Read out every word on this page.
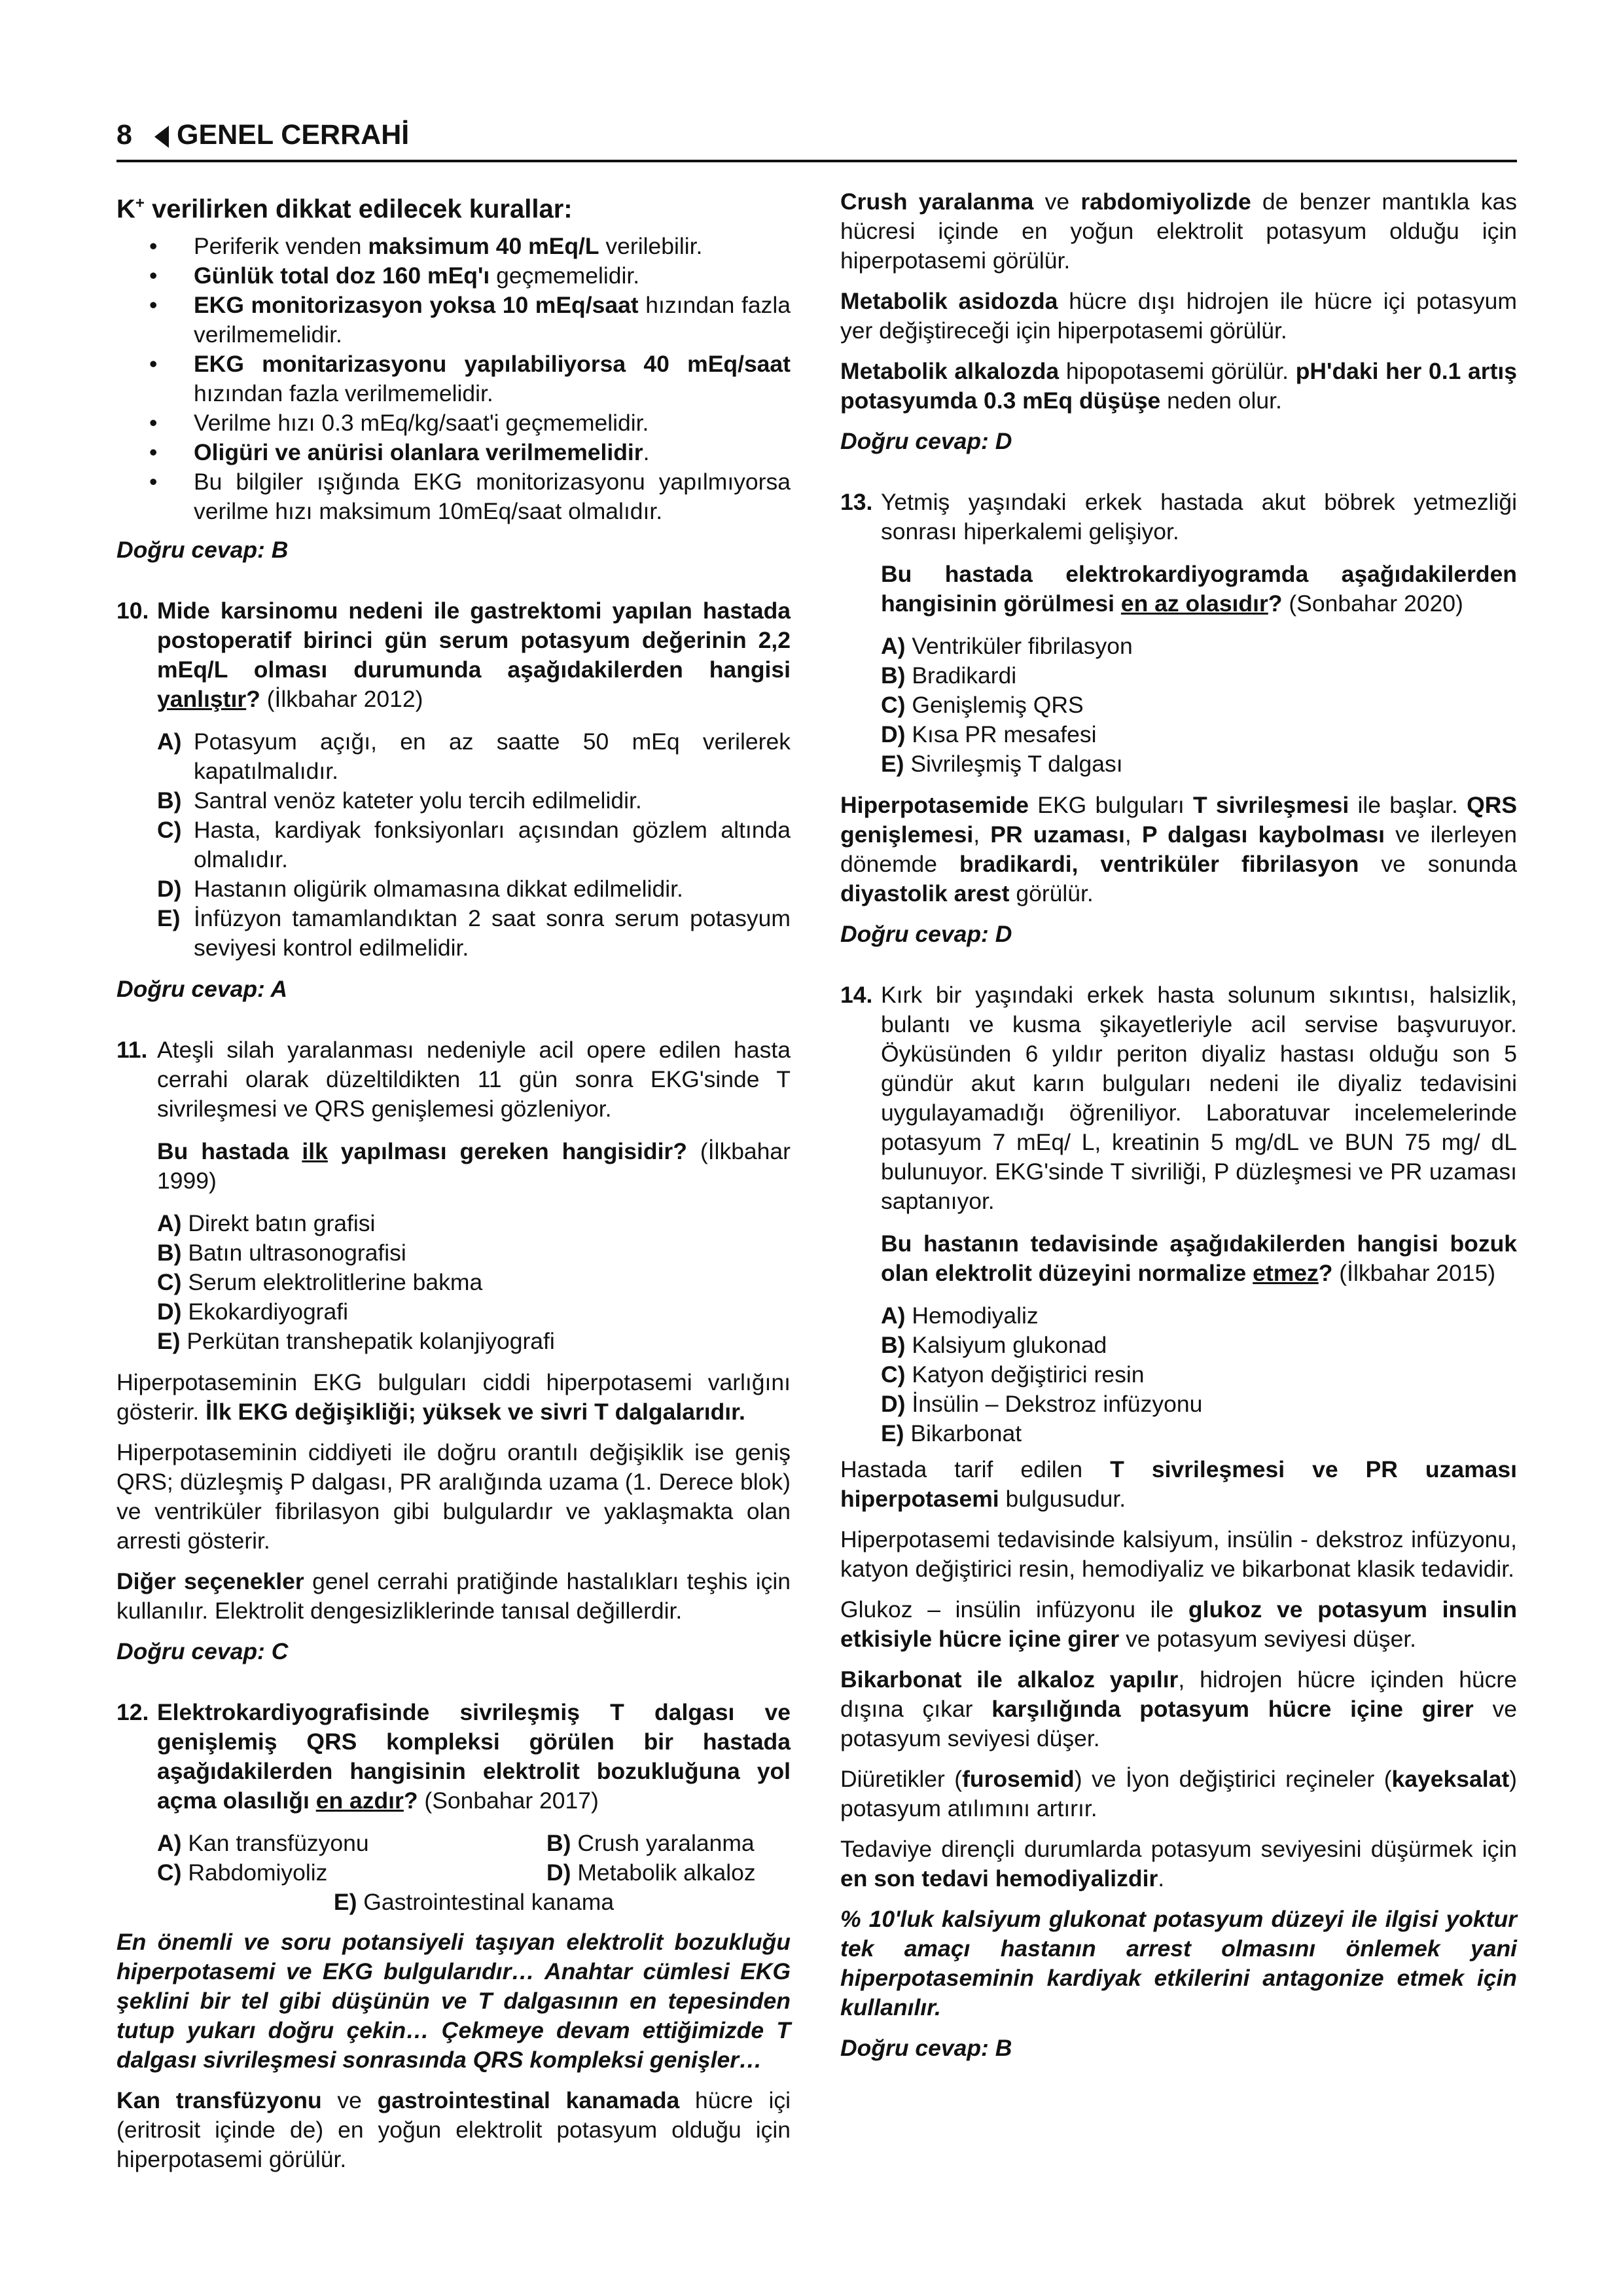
8 GENEL CERRAHİ
K+ verilirken dikkat edilecek kurallar:
• Periferik venden maksimum 40 mEq/L verilebilir.
• Günlük total doz 160 mEq'ı geçmemelidir.
• EKG monitorizasyon yoksa 10 mEq/saat hızından fazla verilmemelidir.
• EKG monitarizasyonu yapılabiliyorsa 40 mEq/saat hızından fazla verilmemelidir.
• Verilme hızı 0.3 mEq/kg/saat'i geçmemelidir.
• Oligüri ve anürisi olanlara verilmemelidir.
• Bu bilgiler ışığında EKG monitorizasyonu yapılmıyorsa verilme hızı maksimum 10mEq/saat olmalıdır.

Doğru cevap: B

10. Mide karsinomu nedeni ile gastrektomi yapılan hastada postoperatif birinci gün serum potasyum değerinin 2,2 mEq/L olması durumunda aşağıdakilerden hangisi yanlıştır? (İlkbahar 2012)
A) Potasyum açığı, en az saatte 50 mEq verilerek kapatılmalıdır.
B) Santral venöz kateter yolu tercih edilmelidir.
C) Hasta, kardiyak fonksiyonları açısından gözlem altında olmalıdır.
D) Hastanın oligürik olmamasına dikkat edilmelidir.
E) İnfüzyon tamamlandıktan 2 saat sonra serum potasyum seviyesi kontrol edilmelidir.

Doğru cevap: A

11. Ateşli silah yaralanması nedeniyle acil opere edilen hasta cerrahi olarak düzeltildikten 11 gün sonra EKG'sinde T sivrileşmesi ve QRS genişlemesi gözleniyor.
Bu hastada ilk yapılması gereken hangisidir? (İlkbahar 1999)
A) Direkt batın grafisi
B) Batın ultrasonografisi
C) Serum elektrolitlerine bakma
D) Ekokardiyografi
E) Perkütan transhepatik kolanjiyografi

Hiperpotaseminin EKG bulguları ciddi hiperpotasemi varlığını gösterir. İlk EKG değişikliği; yüksek ve sivri T dalgalarıdır.

Hiperpotaseminin ciddiyeti ile doğru orantılı değişiklik ise geniş QRS; düzleşmiş P dalgası, PR aralığında uzama (1. Derece blok) ve ventriküler fibrilasyon gibi bulgulardır ve yaklaşmakta olan arresti gösterir.

Diğer seçenekler genel cerrahi pratiğinde hastalıkları teşhis için kullanılır. Elektrolit dengesizliklerinde tanısal değillerdir.

Doğru cevap: C

12. Elektrokardiyografisinde sivrileşmiş T dalgası ve genişlemiş QRS kompleksi görülen bir hastada aşağıdakilerden hangisinin elektrolit bozukluğuna yol açma olasılığı en azdır? (Sonbahar 2017)
A) Kan transfüzyonu	B) Crush yaralanma
C) Rabdomiyoliz	D) Metabolik alkaloz
E) Gastrointestinal kanama

En önemli ve soru potansiyeli taşıyan elektrolit bozukluğu hiperpotasemi ve EKG bulgularıdır… Anahtar cümlesi EKG şeklini bir tel gibi düşünün ve T dalgasının en tepesinden tutup yukarı doğru çekin… Çekmeye devam ettiğimizde T dalgası sivrileşmesi sonrasında QRS kompleksi genişler…

Kan transfüzyonu ve gastrointestinal kanamada hücre içi (eritrosit içinde de) en yoğun elektrolit potasyum olduğu için hiperpotasemi görülür.

Crush yaralanma ve rabdomiyolizde de benzer mantıkla kas hücresi içinde en yoğun elektrolit potasyum olduğu için hiperpotasemi görülür.

Metabolik asidozda hücre dışı hidrojen ile hücre içi potasyum yer değiştireceği için hiperpotasemi görülür.

Metabolik alkalozda hipopotasemi görülür. pH'daki her 0.1 artış potasyumda 0.3 mEq düşüşe neden olur.

Doğru cevap: D

13. Yetmiş yaşındaki erkek hastada akut böbrek yetmezliği sonrası hiperkalemi gelişiyor.
Bu hastada elektrokardiyogramda aşağıdakilerden hangisinin görülmesi en az olasıdır? (Sonbahar 2020)
A) Ventriküler fibrilasyon
B) Bradikardi
C) Genişlemiş QRS
D) Kısa PR mesafesi
E) Sivrileşmiş T dalgası

Hiperpotasemide EKG bulguları T sivrileşmesi ile başlar. QRS genişlemesi, PR uzaması, P dalgası kaybolması ve ilerleyen dönemde bradikardi, ventriküler fibrilasyon ve sonunda diyastolik arest görülür.

Doğru cevap: D

14. Kırk bir yaşındaki erkek hasta solunum sıkıntısı, halsizlik, bulantı ve kusma şikayetleriyle acil servise başvuruyor. Öyküsünden 6 yıldır periton diyaliz hastası olduğu son 5 gündür akut karın bulguları nedeni ile diyaliz tedavisini uygulayamadığı öğreniliyor. Laboratuvar incelemelerinde potasyum 7 mEq/ L, kreatinin 5 mg/dL ve BUN 75 mg/ dL bulunuyor. EKG'sinde T sivriliği, P düzleşmesi ve PR uzaması saptanıyor.
Bu hastanın tedavisinde aşağıdakilerden hangisi bozuk olan elektrolit düzeyini normalize etmez? (İlkbahar 2015)
A) Hemodiyaliz
B) Kalsiyum glukonad
C) Katyon değiştirici resin
D) İnsülin – Dekstroz infüzyonu
E) Bikarbonat

Hastada tarif edilen T sivrileşmesi ve PR uzaması hiperpotasemi bulgusudur.

Hiperpotasemi tedavisinde kalsiyum, insülin - dekstroz infüzyonu, katyon değiştirici resin, hemodiyaliz ve bikarbonat klasik tedavidir.

Glukoz – insülin infüzyonu ile glukoz ve potasyum insulin etkisiyle hücre içine girer ve potasyum seviyesi düşer.

Bikarbonat ile alkaloz yapılır, hidrojen hücre içinden hücre dışına çıkar karşılığında potasyum hücre içine girer ve potasyum seviyesi düşer.

Diüretikler (furosemid) ve İyon değiştirici reçineler (kayeksalat) potasyum atılımını artırır.

Tedaviye dirençli durumlarda potasyum seviyesini düşürmek için en son tedavi hemodiyalizdir.

% 10'luk kalsiyum glukonat potasyum düzeyi ile ilgisi yoktur tek amaçı hastanın arrest olmasını önlemek yani hiperpotaseminin kardiyak etkilerini antagonize etmek için kullanılır.

Doğru cevap: B
